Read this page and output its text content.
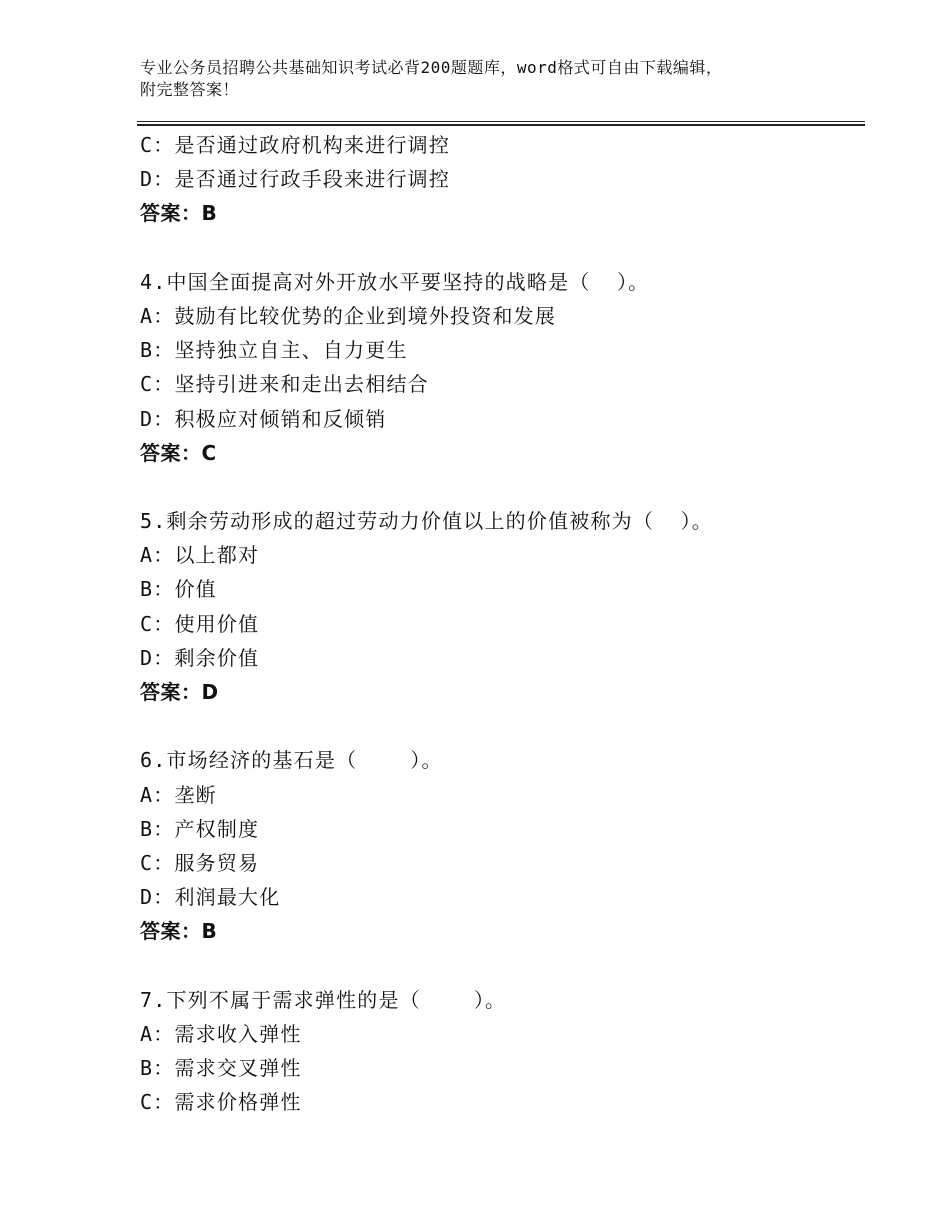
专业公务员招聘公共基础知识考试必背200题题库，word格式可自由下载编辑，
附完整答案！
C：是否通过政府机构来进行调控
D：是否通过行政手段来进行调控
答案：B
4.中国全面提高对外开放水平要坚持的战略是（  ）。
A：鼓励有比较优势的企业到境外投资和发展
B：坚持独立自主、自力更生
C：坚持引进来和走出去相结合
D：积极应对倾销和反倾销
答案：C
5.剩余劳动形成的超过劳动力价值以上的价值被称为（  ）。
A：以上都对
B：价值
C：使用价值
D：剩余价值
答案：D
6.市场经济的基石是（    ）。
A：垄断
B：产权制度
C：服务贸易
D：利润最大化
答案：B
7.下列不属于需求弹性的是（    ）。
A：需求收入弹性
B：需求交叉弹性
C：需求价格弹性
